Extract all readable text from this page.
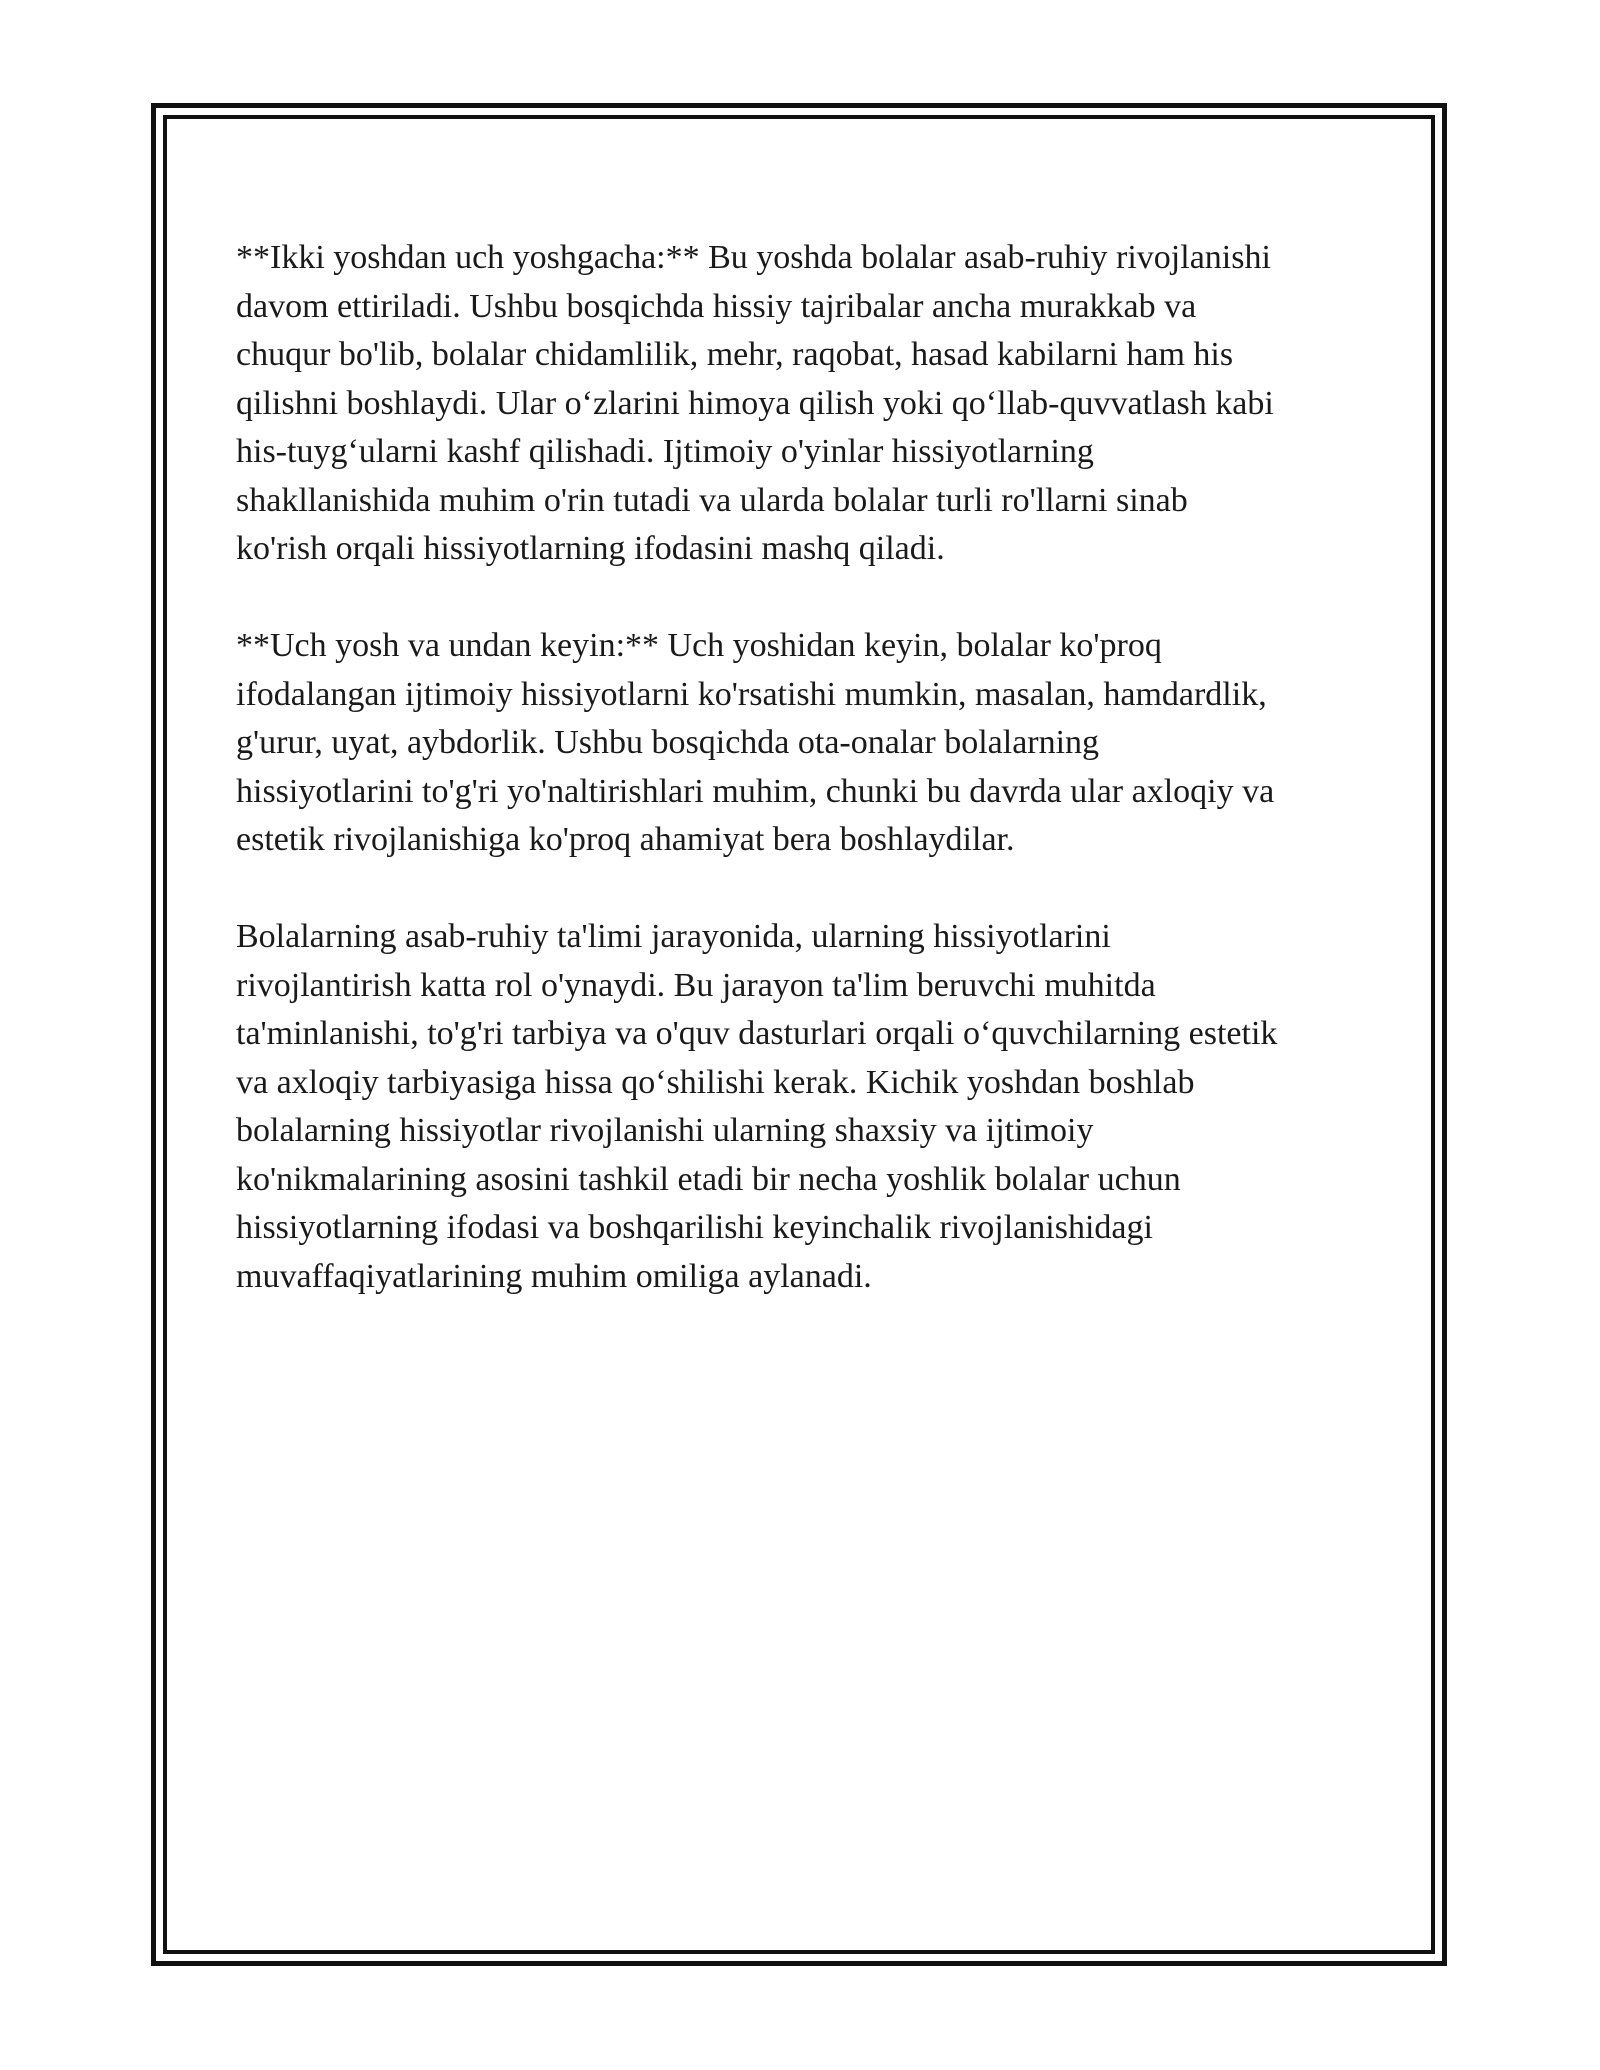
**Ikki yoshdan uch yoshgacha:** Bu yoshda bolalar asab-ruhiy rivojlanishi
davom ettiriladi. Ushbu bosqichda hissiy tajribalar ancha murakkab va
chuqur bo'lib, bolalar chidamlilik, mehr, raqobat, hasad kabilarni ham his
qilishni boshlaydi. Ular o‘zlarini himoya qilish yoki qo‘llab-quvvatlash kabi
his-tuyg‘ularni kashf qilishadi. Ijtimoiy o'yinlar hissiyotlarning
shakllanishida muhim o'rin tutadi va ularda bolalar turli ro'llarni sinab
ko'rish orqali hissiyotlarning ifodasini mashq qiladi.

**Uch yosh va undan keyin:** Uch yoshidan keyin, bolalar ko'proq
ifodalangan ijtimoiy hissiyotlarni ko'rsatishi mumkin, masalan, hamdardlik,
g'urur, uyat, aybdorlik. Ushbu bosqichda ota-onalar bolalarning
hissiyotlarini to'g'ri yo'naltirishlari muhim, chunki bu davrda ular axloqiy va
estetik rivojlanishiga ko'proq ahamiyat bera boshlaydilar.

Bolalarning asab-ruhiy ta'limi jarayonida, ularning hissiyotlarini
rivojlantirish katta rol o'ynaydi. Bu jarayon ta'lim beruvchi muhitda
ta'minlanishi, to'g'ri tarbiya va o'quv dasturlari orqali o‘quvchilarning estetik
va axloqiy tarbiyasiga hissa qo‘shilishi kerak. Kichik yoshdan boshlab
bolalarning hissiyotlar rivojlanishi ularning shaxsiy va ijtimoiy
ko'nikmalarining asosini tashkil etadi bir necha yoshlik bolalar uchun
hissiyotlarning ifodasi va boshqarilishi keyinchalik rivojlanishidagi
muvaffaqiyatlarining muhim omiliga aylanadi.
